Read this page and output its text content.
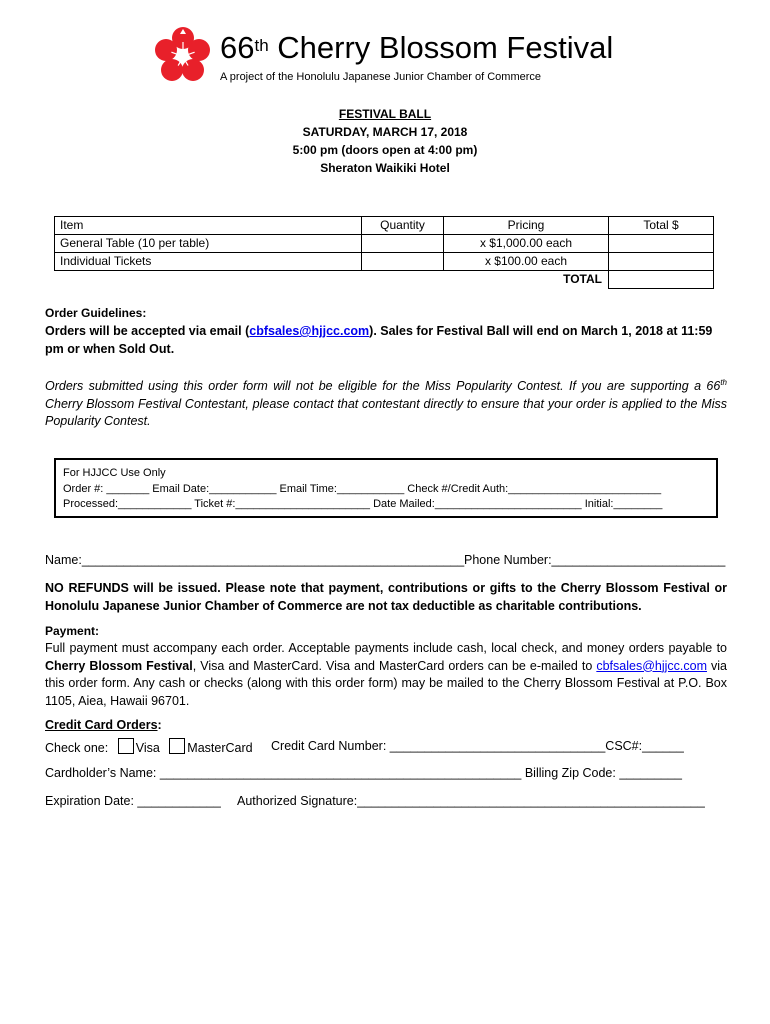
66th Cherry Blossom Festival
A project of the Honolulu Japanese Junior Chamber of Commerce
FESTIVAL BALL
SATURDAY, MARCH 17, 2018
5:00 pm (doors open at 4:00 pm)
Sheraton Waikiki Hotel
Item	Quantity	Pricing	Total $
General Table (10 per table)		x $1,000.00 each	
Individual Tickets		x $100.00 each	
		TOTAL	
Order Guidelines:
Orders will be accepted via email (cbfsales@hjjcc.com). Sales for Festival Ball will end on March 1, 2018 at 11:59 pm or when Sold Out.
Orders submitted using this order form will not be eligible for the Miss Popularity Contest. If you are supporting a 66th Cherry Blossom Festival Contestant, please contact that contestant directly to ensure that your order is applied to the Miss Popularity Contest.
For HJJCC Use Only
Order #: _______ Email Date:___________ Email Time:___________ Check #/Credit Auth:_________________________
Processed:____________ Ticket #:______________________ Date Mailed:________________________ Initial:________
Name:_______________________________________________________ Phone Number:_________________________
NO REFUNDS will be issued. Please note that payment, contributions or gifts to the Cherry Blossom Festival or Honolulu Japanese Junior Chamber of Commerce are not tax deductible as charitable contributions.
Payment:
Full payment must accompany each order. Acceptable payments include cash, local check, and money orders payable to Cherry Blossom Festival, Visa and MasterCard. Visa and MasterCard orders can be e-mailed to cbfsales@hjjcc.com via this order form. Any cash or checks (along with this order form) may be mailed to the Cherry Blossom Festival at P.O. Box 1105, Aiea, Hawaii 96701.
Credit Card Orders:
Check one: Visa MasterCard Credit Card Number: _______________________________CSC#:______
Cardholder’s Name: ____________________________________________________ Billing Zip Code: _________
Expiration Date: ____________ Authorized Signature:__________________________________________________
